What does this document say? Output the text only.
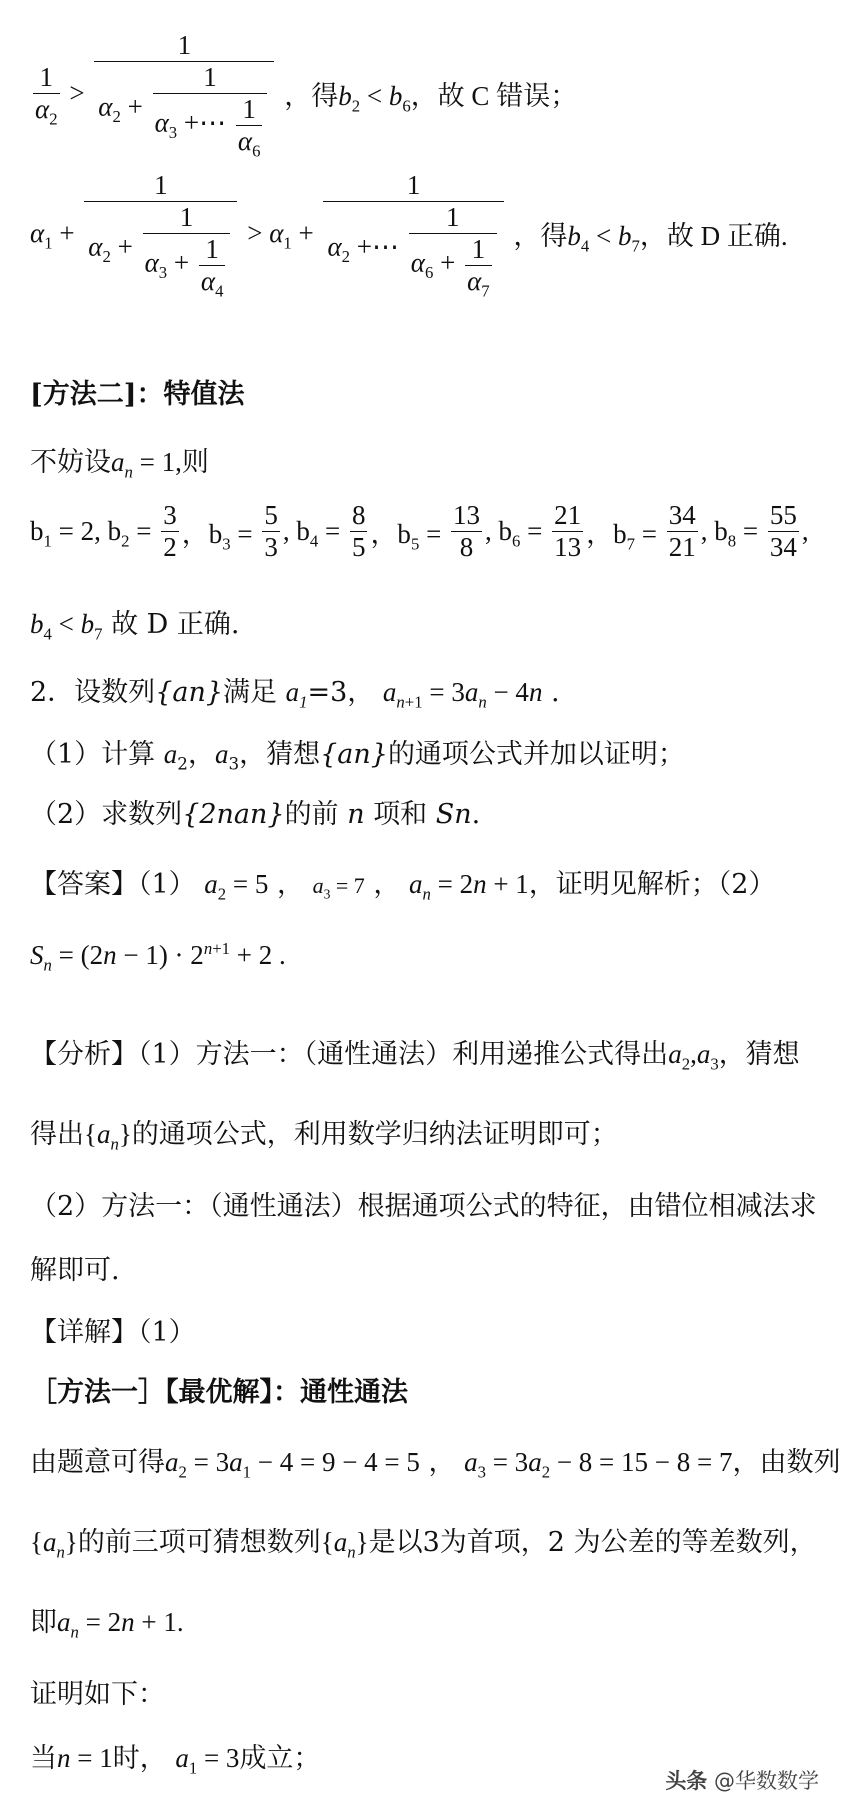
$\frac{1}{\alpha_2} > \frac{1}{\alpha_2 + \frac{1}{\alpha_3 +\cdots \frac{1}{\alpha_6}}}$ ，得$b_2 < b_6$，故 C 错误；
$\alpha_1 + \frac{1}{\alpha_2 + \frac{1}{\alpha_3 + \frac{1}{\alpha_4}}} > \alpha_1 + \frac{1}{\alpha_2 +\cdots \frac{1}{\alpha_6 + \frac{1}{\alpha_7}}}$ ，得$b_4 < b_7$，故 D 正确.
[方法二]：特值法
不妨设$a_n = 1$,则
$b_1 = 2$, $b_2 = \frac{3}{2}$ ，$b_3 = \frac{5}{3}$ , $b_4 = \frac{8}{5}$ ，$b_5 = \frac{13}{8}$ , $b_6 = \frac{21}{13}$ ，$b_7 = \frac{34}{21}$ , $b_8 = \frac{55}{34}$ ,
$b_4 < b_7$ 故 D 正确.
2．设数列{an}满足 $a_1=3$， $a_{n+1} = 3a_n - 4n$ .
（1）计算 $a_2$，$a_3$，猜想{an}的通项公式并加以证明；
（2）求数列{2nan}的前 n 项和 Sn.
【答案】（1） $a_2 = 5$ ， $a_3 = 7$ ， $a_n = 2n + 1$，证明见解析；（2）
$S_n = (2n - 1) \cdot 2^{n+1} + 2$ .
【分析】（1）方法一：（通性通法）利用递推公式得出$a_2,a_3$，猜想
得出$\{a_n\}$的通项公式，利用数学归纳法证明即可；
（2）方法一：（通性通法）根据通项公式的特征，由错位相减法求
解即可.
【详解】（1）
［方法一］【最优解】：通性通法
由题意可得$a_2 = 3a_1 - 4 = 9 - 4 = 5$ ， $a_3 = 3a_2 - 8 = 15 - 8 = 7$，由数列
$\{a_n\}$的前三项可猜想数列$\{a_n\}$是以3为首项，2 为公差的等差数列，
即$a_n = 2n + 1$.
证明如下：
当n = 1时， $a_1 = 3$成立；
头条 @华数数学
